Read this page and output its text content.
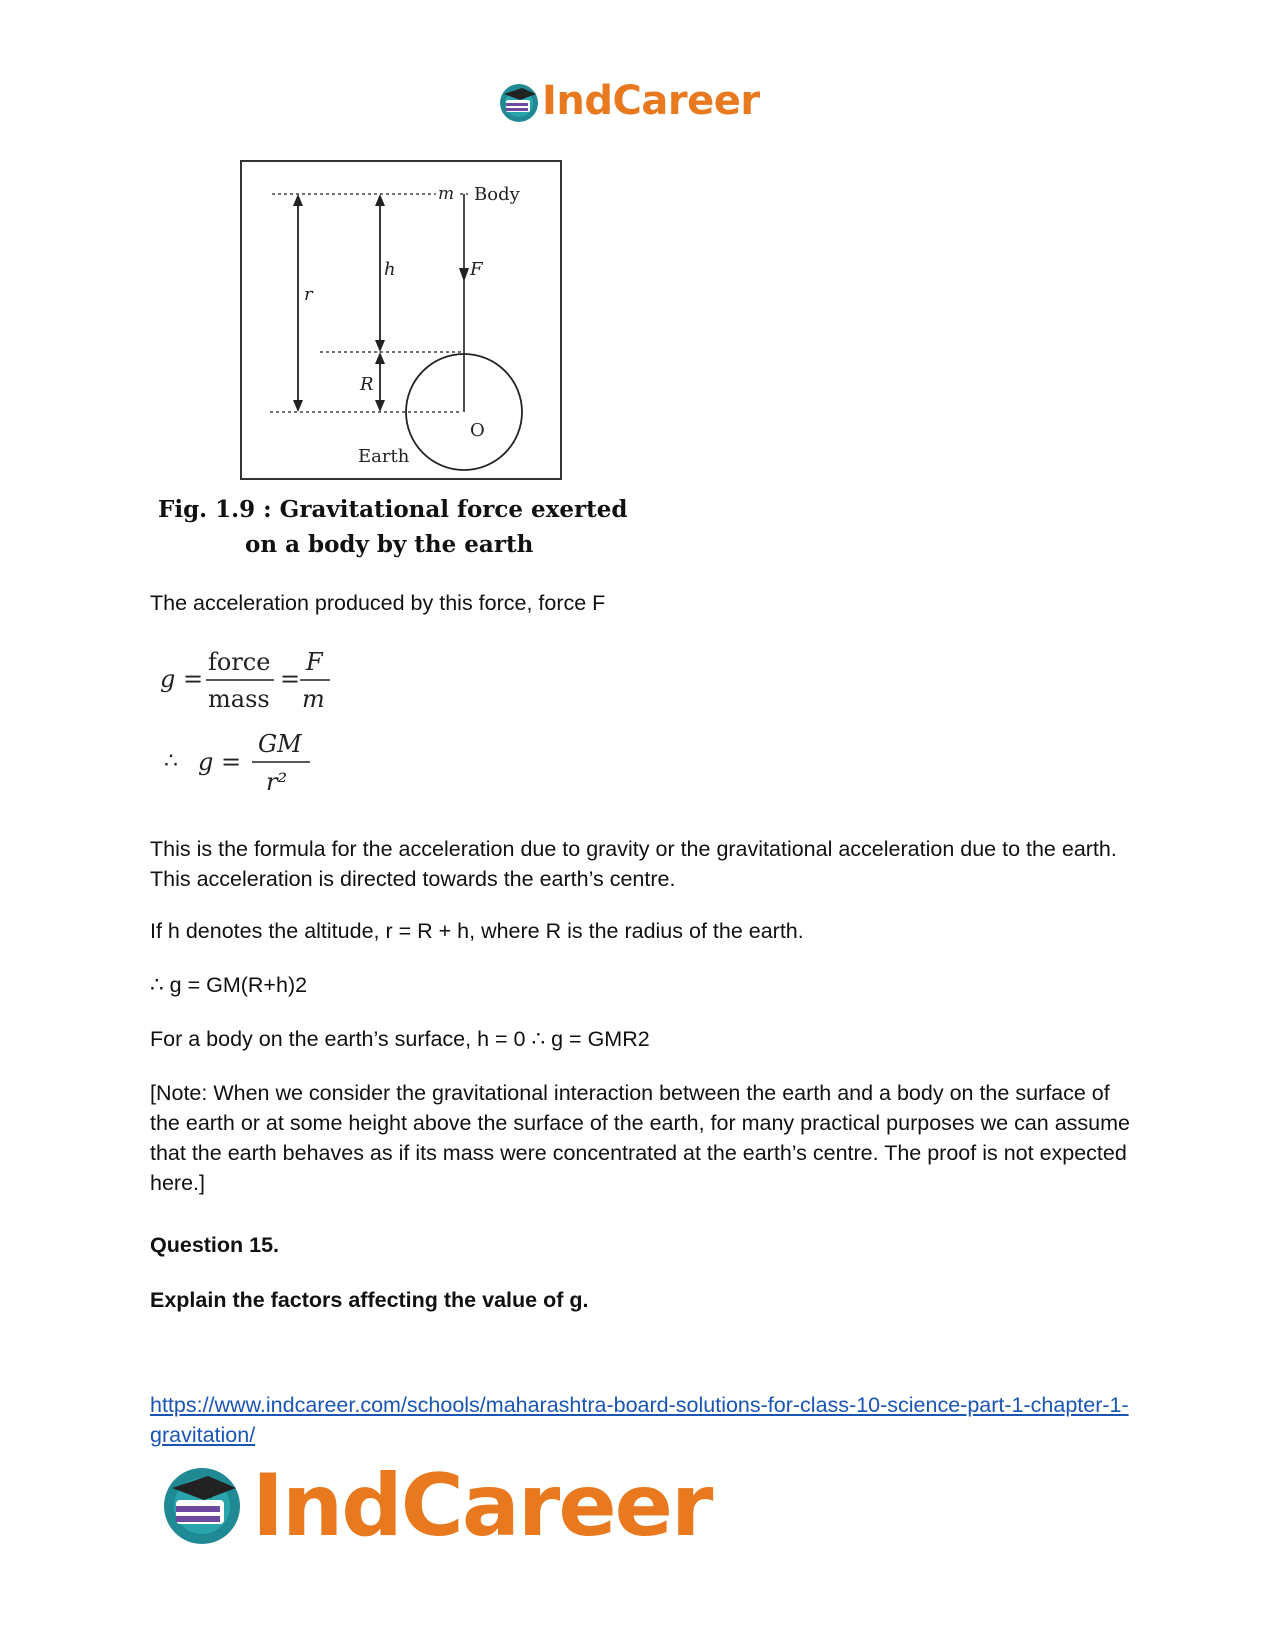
IndCareer
m Body
h	F
r
R
O
Earth
Fig. 1.9 : Gravitational force exerted
on a body by the earth
The acceleration produced by this force, force F
g =
force
mass
=
F
m
∴ g =
GM
r²
This is the formula for the acceleration due to gravity or the gravitational acceleration due to the earth. This acceleration is directed towards the earth’s centre.
If h denotes the altitude, r = R + h, where R is the radius of the earth.
∴ g = GM(R+h)2
For a body on the earth’s surface, h = 0 ∴ g = GMR2
[Note: When we consider the gravitational interaction between the earth and a body on the surface of the earth or at some height above the surface of the earth, for many practical purposes we can assume that the earth behaves as if its mass were concentrated at the earth’s centre. The proof is not expected here.]
Question 15.
Explain the factors affecting the value of g.
https://www.indcareer.com/schools/maharashtra-board-solutions-for-class-10-science-part-1-chapter-1-gravitation/
IndCareer
